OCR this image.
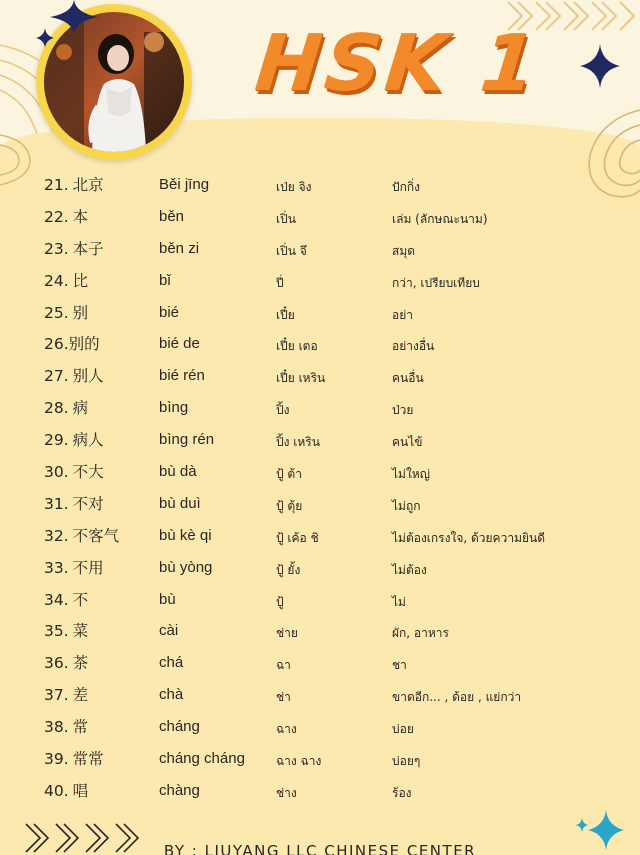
HSK 1
21. 北京	Běi jīng	เป่ย จิง	ปักกิ่ง
22. 本	běn	เปิ่น	เล่ม (ลักษณะนาม)
23. 本子	běn zi	เปิ่น จึ	สมุด
24. 比	bǐ	ปี่	กว่า, เปรียบเทียบ
25. 别	bié	เปี๋ย	อย่า
26.别的	bié de	เปี๋ย เตอ	อย่างอื่น
27. 别人	bié rén	เปี๋ย เหริน	คนอื่น
28. 病	bìng	ปิ้ง	ป่วย
29. 病人	bìng rén	ปิ้ง เหริน	คนไข้
30. 不大	bù dà	ปู้ ต้า	ไม่ใหญ่
31. 不对	bù duì	ปู้ ตุ้ย	ไม่ถูก
32. 不客气	bù kè qi	ปู้ เค้อ ชิ	ไม่ต้องเกรงใจ, ด้วยความยินดี
33. 不用	bù yòng	ปู้ ยั้ง	ไม่ต้อง
34. 不	bù	ปู้	ไม่
35. 菜	cài	ช่าย	ผัก, อาหาร
36. 茶	chá	ฉา	ชา
37. 差	chà	ช่า	ขาดอีก... , ด้อย , แย่กว่า
38. 常	cháng	ฉาง	บ่อย
39. 常常	cháng cháng	ฉาง ฉาง	บ่อยๆ
40. 唱	chàng	ช่าง	ร้อง
BY : LIUYANG LLC CHINESE CENTER
